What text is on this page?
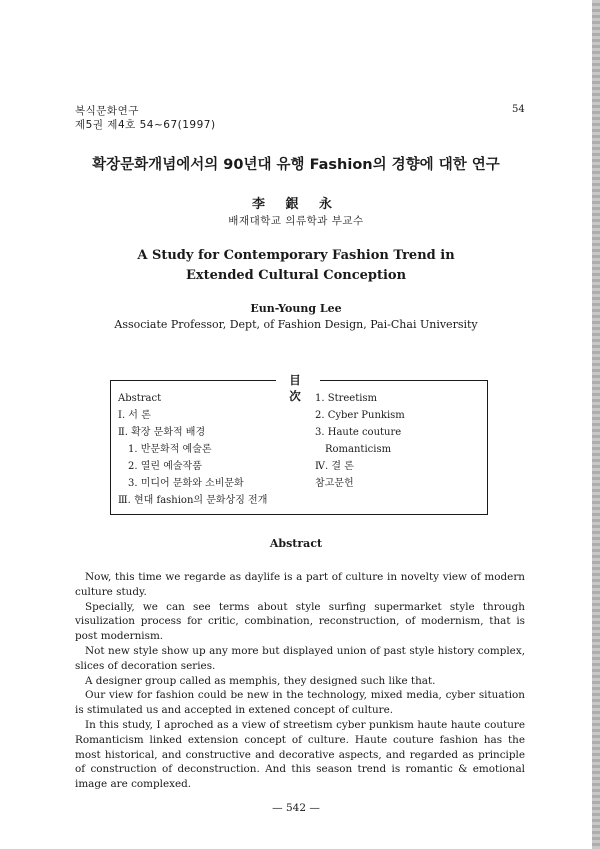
복식문화연구
제5권 제4호 54~67(1997)
54
확장문화개념에서의 90년대 유행 Fashion의 경향에 대한 연구
李 銀 永
배재대학교 의류학과 부교수
A Study for Contemporary Fashion Trend in
Extended Cultural Conception
Eun-Young Lee
Associate Professor, Dept, of Fashion Design, Pai-Chai University
目 次
Abstract
Ⅰ. 서 론
Ⅱ. 확장 문화적 배경
1. 반문화적 예술론
2. 열린 예술작품
3. 미디어 문화와 소비문화
Ⅲ. 현대 fashion의 문화상징 전개
1. Streetism
2. Cyber Punkism
3. Haute couture
Romanticism
Ⅳ. 결 론
참고문헌
Abstract

Now, this time we regarde as daylife is a part of culture in novelty view of modern culture study.

Specially, we can see terms about style surfing supermarket style through visulization process for critic, combination, reconstruction, of modernism, that is post modernism.

Not new style show up any more but displayed union of past style history complex, slices of decoration series.

A designer group called as memphis, they designed such like that.

Our view for fashion could be new in the technology, mixed media, cyber situation is stimulated us and accepted in extened concept of culture.

In this study, I aproched as a view of streetism cyber punkism haute haute couture Romanticism linked extension concept of culture. Haute couture fashion has the most historical, and constructive and decorative aspects, and regarded as principle of construction of deconstruction. And this season trend is romantic & emotional image are complexed.

— 542 —
